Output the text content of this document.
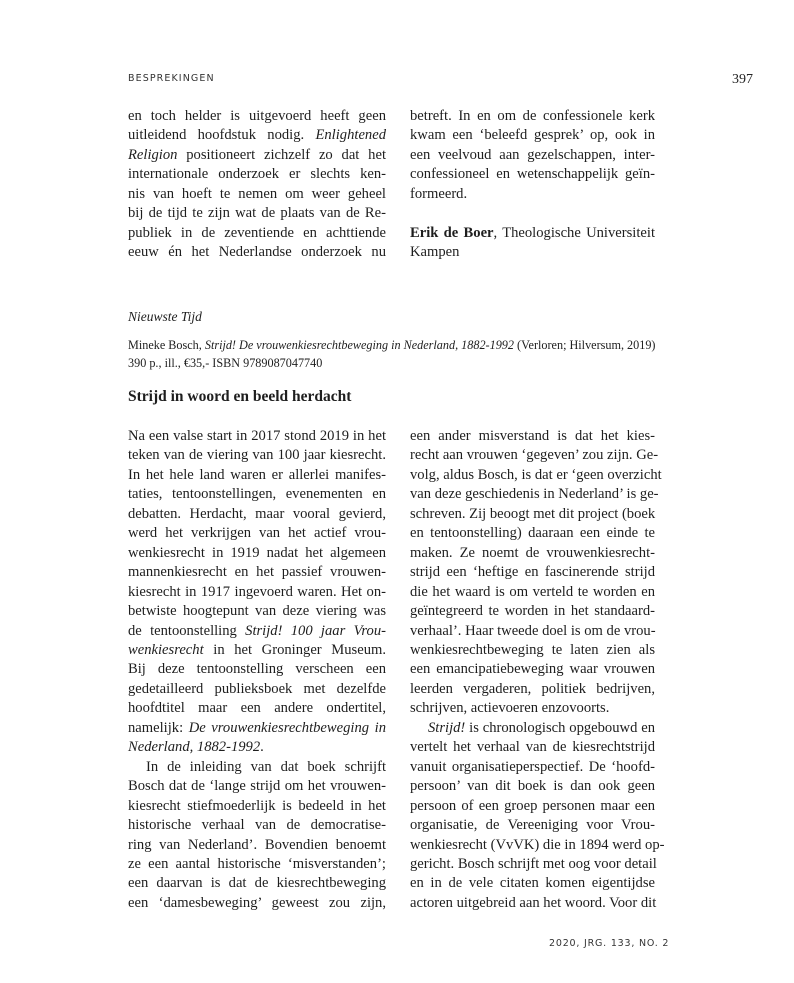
BESPREKINGEN	397
en toch helder is uitgevoerd heeft geen
uitleidend hoofdstuk nodig. Enlightened
Religion positioneert zichzelf zo dat het
internationale onderzoek er slechts ken-
nis van hoeft te nemen om weer geheel
bij de tijd te zijn wat de plaats van de Re-
publiek in de zeventiende en achttiende
eeuw én het Nederlandse onderzoek nu
betreft. In en om de confessionele kerk
kwam een ‘beleefd gesprek’ op, ook in
een veelvoud aan gezelschappen, inter-
confessioneel en wetenschappelijk geïn-
formeerd.
Erik de Boer, Theologische Universiteit
Kampen
Nieuwste Tijd
Mineke Bosch, Strijd! De vrouwenkiesrechtbeweging in Nederland, 1882-1992 (Verloren; Hilversum, 2019)
390 p., ill., €35,- ISBN 9789087047740
Strijd in woord en beeld herdacht
Na een valse start in 2017 stond 2019 in het
teken van de viering van 100 jaar kiesrecht.
In het hele land waren er allerlei manifes-
taties, tentoonstellingen, evenementen en
debatten. Herdacht, maar vooral gevierd,
werd het verkrijgen van het actief vrou-
wenkiesrecht in 1919 nadat het algemeen
mannenkiesrecht en het passief vrouwen-
kiesrecht in 1917 ingevoerd waren. Het on-
betwiste hoogtepunt van deze viering was
de tentoonstelling Strijd! 100 jaar Vrou-
wenkiesrecht in het Groninger Museum.
Bij deze tentoonstelling verscheen een
gedetailleerd publieksboek met dezelfde
hoofdtitel maar een andere ondertitel,
namelijk: De vrouwenkiesrechtbeweging in
Nederland, 1882-1992.
In de inleiding van dat boek schrijft
Bosch dat de ‘lange strijd om het vrouwen-
kiesrecht stiefmoederlijk is bedeeld in het
historische verhaal van de democratise-
ring van Nederland’. Bovendien benoemt
ze een aantal historische ‘misverstanden’;
een daarvan is dat de kiesrechtbeweging
een ‘damesbeweging’ geweest zou zijn,
een ander misverstand is dat het kies-
recht aan vrouwen ‘gegeven’ zou zijn. Ge-
volg, aldus Bosch, is dat er ‘geen overzicht
van deze geschiedenis in Nederland’ is ge-
schreven. Zij beoogt met dit project (boek
en tentoonstelling) daaraan een einde te
maken. Ze noemt de vrouwenkiesrecht-
strijd een ‘heftige en fascinerende strijd
die het waard is om verteld te worden en
geïntegreerd te worden in het standaard-
verhaal’. Haar tweede doel is om de vrou-
wenkiesrechtbeweging te laten zien als
een emancipatiebeweging waar vrouwen
leerden vergaderen, politiek bedrijven,
schrijven, actievoeren enzovoorts.
Strijd! is chronologisch opgebouwd en
vertelt het verhaal van de kiesrechtstrijd
vanuit organisatieperspectief. De ‘hoofd-
persoon’ van dit boek is dan ook geen
persoon of een groep personen maar een
organisatie, de Vereeniging voor Vrou-
wenkiesrecht (VvVK) die in 1894 werd op-
gericht. Bosch schrijft met oog voor detail
en in de vele citaten komen eigentijdse
actoren uitgebreid aan het woord. Voor dit
2020, JRG. 133, NO. 2
